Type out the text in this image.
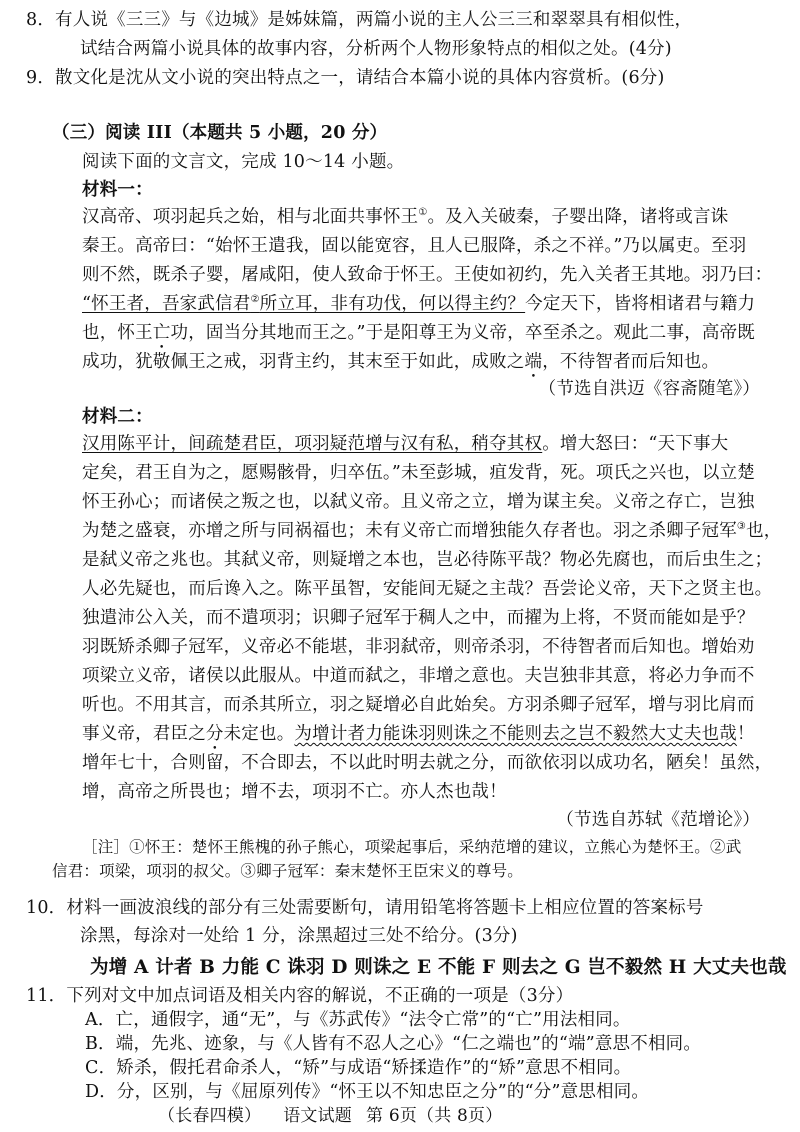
8．有人说《三三》与《边城》是姊妹篇，两篇小说的主人公三三和翠翠具有相似性，
试结合两篇小说具体的故事内容，分析两个人物形象特点的相似之处。(4分)
9．散文化是沈从文小说的突出特点之一，请结合本篇小说的具体内容赏析。(6分)
（三）阅读 III（本题共 5 小题，20 分）
阅读下面的文言文，完成 10～14 小题。
材料一：
汉高帝、项羽起兵之始，相与北面共事怀王①。及入关破秦，子婴出降，诸将或言诛
秦王。高帝曰：“始怀王遣我，固以能宽容，且人已服降，杀之不祥。”乃以属吏。至羽
则不然，既杀子婴，屠咸阳，使人致命于怀王。王使如初约，先入关者王其地。羽乃曰：
“怀王者，吾家武信君②所立耳，非有功伐，何以得主约？今定天下，皆将相诸君与籍力
也，怀王亡功，固当分其地而王之。”于是阳尊王为义帝，卒至杀之。观此二事，高帝既
成功，犹敬佩王之戒，羽背主约，其末至于如此，成败之端，不待智者而后知也。
（节选自洪迈《容斋随笔》）
材料二：
汉用陈平计，间疏楚君臣，项羽疑范增与汉有私，稍夺其权。增大怒曰：“天下事大
定矣，君王自为之，愿赐骸骨，归卒伍。”未至彭城，疽发背，死。项氏之兴也，以立楚
怀王孙心；而诸侯之叛之也，以弑义帝。且义帝之立，增为谋主矣。义帝之存亡，岂独
为楚之盛衰，亦增之所与同祸福也；未有义帝亡而增独能久存者也。羽之杀卿子冠军③也，
是弑义帝之兆也。其弑义帝，则疑增之本也，岂必待陈平哉？物必先腐也，而后虫生之；
人必先疑也，而后谗入之。陈平虽智，安能间无疑之主哉？吾尝论义帝，天下之贤主也。
独遣沛公入关，而不遣项羽；识卿子冠军于稠人之中，而擢为上将，不贤而能如是乎？
羽既矫杀卿子冠军，义帝必不能堪，非羽弑帝，则帝杀羽，不待智者而后知也。增始劝
项梁立义帝，诸侯以此服从。中道而弑之，非增之意也。夫岂独非其意，将必力争而不
听也。不用其言，而杀其所立，羽之疑增必自此始矣。方羽杀卿子冠军，增与羽比肩而
事义帝，君臣之分未定也。为增计者力能诛羽则诛之不能则去之岂不毅然大丈夫也哉！
增年七十，合则留，不合即去，不以此时明去就之分，而欲依羽以成功名，陋矣！虽然，
增，高帝之所畏也；增不去，项羽不亡。亦人杰也哉！
（节选自苏轼《范增论》）
［注］①怀王：楚怀王熊槐的孙子熊心，项梁起事后，采纳范增的建议，立熊心为楚怀王。②武
信君：项梁，项羽的叔父。③卿子冠军：秦末楚怀王臣宋义的尊号。
10．材料一画波浪线的部分有三处需要断句，请用铅笔将答题卡上相应位置的答案标号
涂黑，每涂对一处给 1 分，涂黑超过三处不给分。(3分)
为增 A 计者 B 力能 C 诛羽 D 则诛之 E 不能 F 则去之 G 岂不毅然 H 大丈夫也哉
11．下列对文中加点词语及相关内容的解说，不正确的一项是（3分）
A．亡，通假字，通“无”，与《苏武传》“法令亡常”的“亡”用法相同。
B．端，先兆、迹象，与《人皆有不忍人之心》“仁之端也”的“端”意思不相同。
C．矫杀，假托君命杀人，“矫”与成语“矫揉造作”的“矫”意思不相同。
D．分，区别，与《屈原列传》“怀王以不知忠臣之分”的“分”意思相同。
（长春四模） 语文试题 第 6页（共 8页）
